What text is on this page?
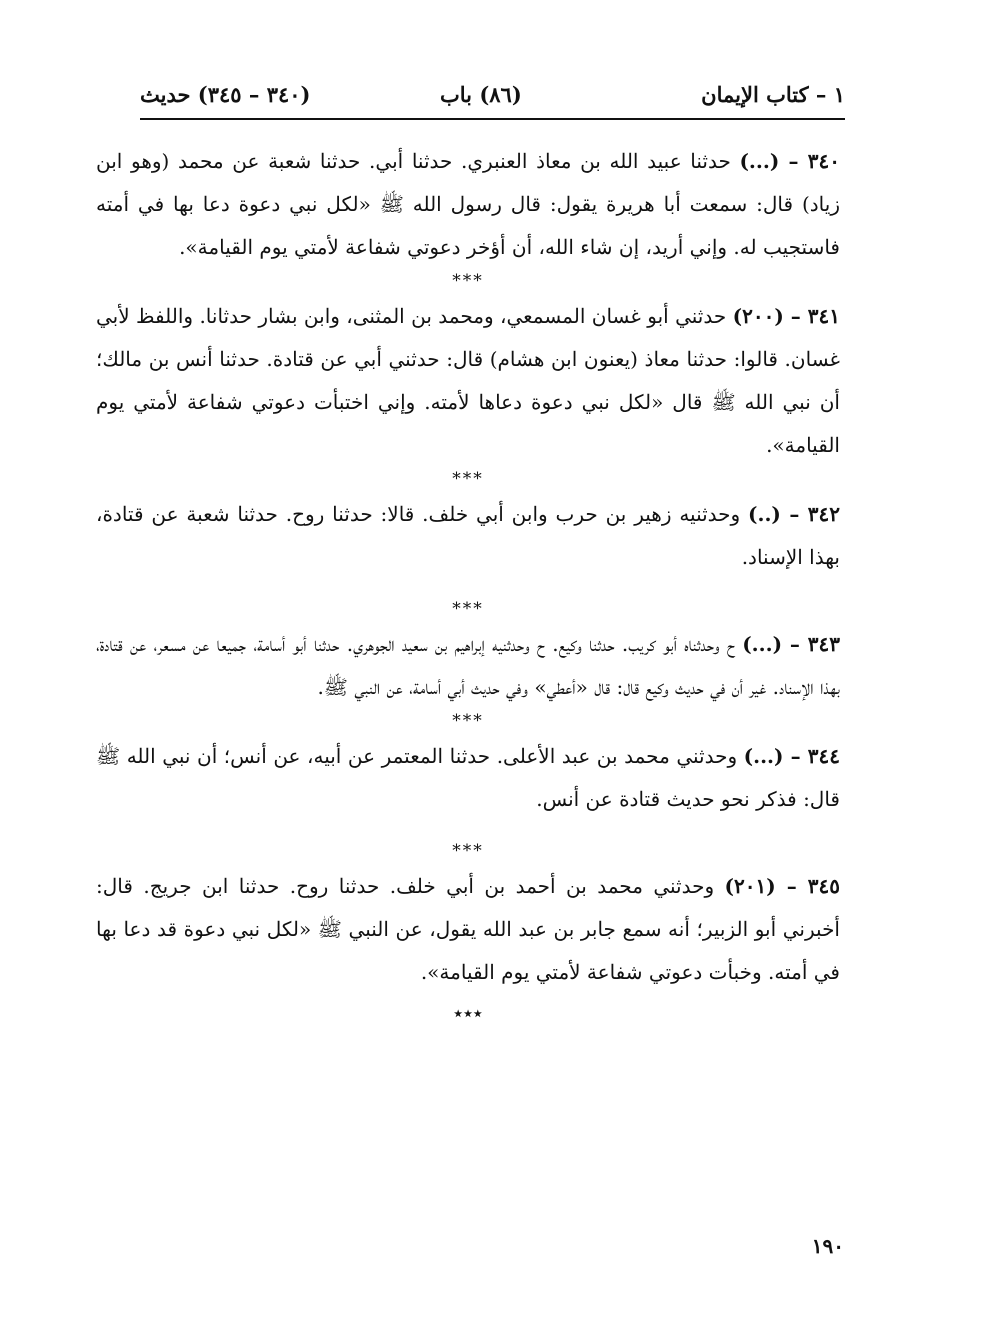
١ – كتاب الإيمان
(٨٦) باب
(٣٤٠ – ٣٤٥) حديث

٣٤٠ – (...) حدثنا عبيد الله بن معاذ العنبري. حدثنا أبي. حدثنا شعبة عن محمد (وهو ابن زياد) قال: سمعت أبا هريرة يقول: قال رسول الله ﷺ «لكل نبي دعوة دعا بها في أمته فاستجيب له. وإني أريد، إن شاء الله، أن أؤخر دعوتي شفاعة لأمتي يوم القيامة».

***

٣٤١ – (٢٠٠) حدثني أبو غسان المسمعي، ومحمد بن المثنى، وابن بشار حدثانا. واللفظ لأبي غسان. قالوا: حدثنا معاذ (يعنون ابن هشام) قال: حدثني أبي عن قتادة. حدثنا أنس بن مالك؛ أن نبي الله ﷺ قال «لكل نبي دعوة دعاها لأمته. وإني اختبأت دعوتي شفاعة لأمتي يوم القيامة».

***

٣٤٢ – (..) وحدثنيه زهير بن حرب وابن أبي خلف. قالا: حدثنا روح. حدثنا شعبة عن قتادة، بهذا الإسناد.

***

٣٤٣ – (...) ح وحدثناه أبو كريب. حدثنا وكيع. ح وحدثنيه إبراهيم بن سعيد الجوهري. حدثنا أبو أسامة، جميعا عن مسعر، عن قتادة، بهذا الإسناد. غير أن في حديث وكيع قال: قال «أعطي» وفي حديث أبي أسامة، عن النبي ﷺ.

***

٣٤٤ – (...) وحدثني محمد بن عبد الأعلى. حدثنا المعتمر عن أبيه، عن أنس؛ أن نبي الله ﷺ قال: فذكر نحو حديث قتادة عن أنس.

***

٣٤٥ – (٢٠١) وحدثني محمد بن أحمد بن أبي خلف. حدثنا روح. حدثنا ابن جريج. قال: أخبرني أبو الزبير؛ أنه سمع جابر بن عبد الله يقول، عن النبي ﷺ «لكل نبي دعوة قد دعا بها في أمته. وخبأت دعوتي شفاعة لأمتي يوم القيامة».

٭٭٭
١٩٠
